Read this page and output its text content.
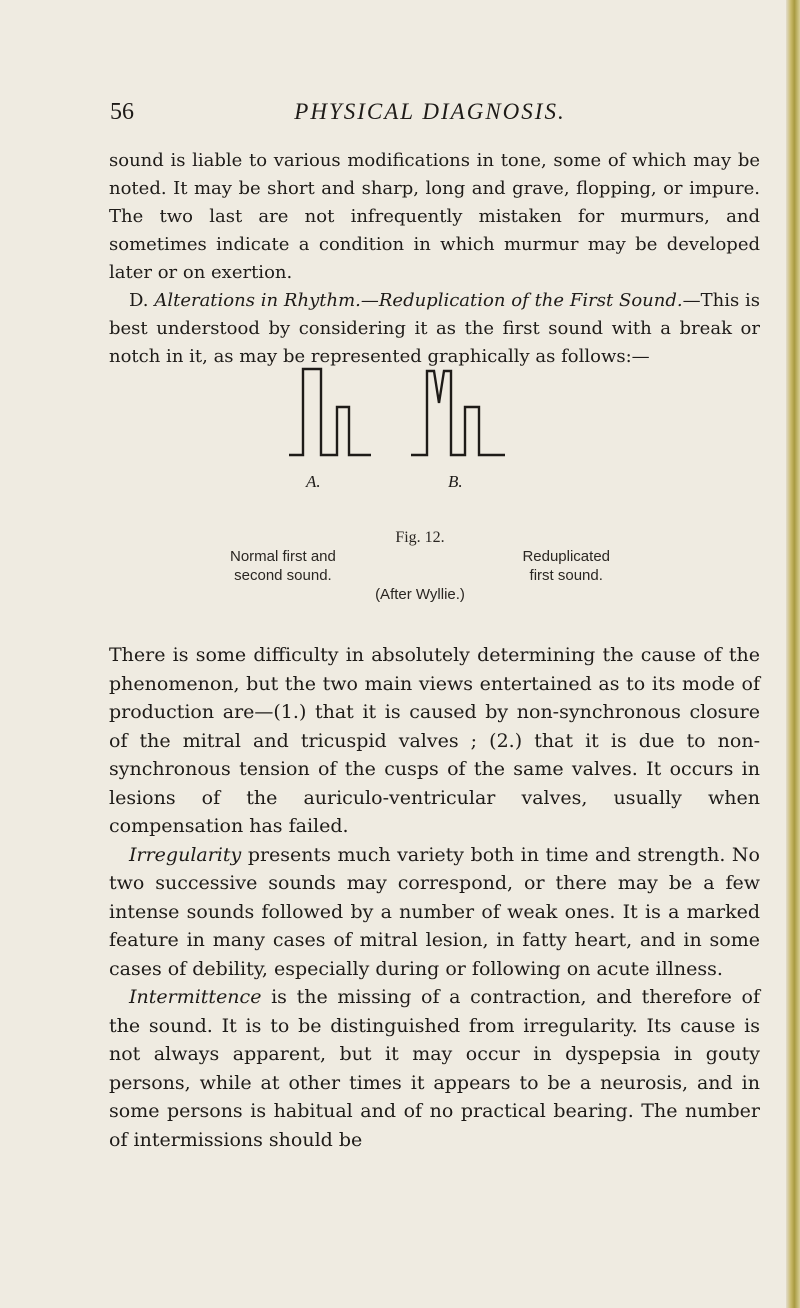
56	PHYSICAL DIAGNOSIS.

sound is liable to various modifications in tone, some of which may be noted. It may be short and sharp, long and grave, flopping, or impure. The two last are not infrequently mistaken for murmurs, and sometimes indicate a condition in which murmur may be developed later or on exertion.

D. Alterations in Rhythm.—Reduplication of the First Sound.—This is best understood by considering it as the first sound with a break or notch in it, as may be represented graphically as follows:—

A.	B.
Fig. 12.
Normal first and
second sound.
Reduplicated
first sound.
(After Wyllie.)

There is some difficulty in absolutely determining the cause of the phenomenon, but the two main views entertained as to its mode of production are—(1.) that it is caused by non-synchronous closure of the mitral and tricuspid valves ; (2.) that it is due to non-synchronous tension of the cusps of the same valves. It occurs in lesions of the auriculo-ventricular valves, usually when compensation has failed.

Irregularity presents much variety both in time and strength. No two successive sounds may correspond, or there may be a few intense sounds followed by a number of weak ones. It is a marked feature in many cases of mitral lesion, in fatty heart, and in some cases of debility, especially during or following on acute illness.

Intermittence is the missing of a contraction, and therefore of the sound. It is to be distinguished from irregularity. Its cause is not always apparent, but it may occur in dyspepsia in gouty persons, while at other times it appears to be a neurosis, and in some persons is habitual and of no practical bearing. The number of intermissions should be
